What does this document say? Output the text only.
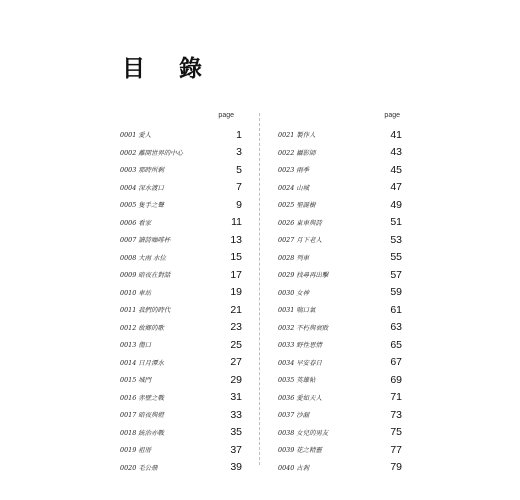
目 錄
page
0001 愛人	1
0002 離開世界的中心	3
0003 那時所剩	5
0004 深水渡口	7
0005 隻手之聲	9
0006 看家	11
0007 讀詩咖啡杯	13
0008 大雨 水位	15
0009 暗夜在對話	17
0010 車站	19
0011 我們的時代	21
0012 故鄉的歌	23
0013 傷口	25
0014 日月潭水	27
0015 城門	29
0016 赤壁之戰	31
0017 暗夜與燈	33
0018 統治亦戰	35
0019 祖厝	37
0020 毛公鼎	39
page
0021 製作人	41
0022 攝影師	43
0023 兩季	45
0024 山城	47
0025 聖誕樹	49
0026 東車與詩	51
0027 月下老人	53
0028 列車	55
0029 找尋再出擊	57
0030 女神	59
0031 喘口氣	61
0032 不朽與衰敗	63
0033 野性思情	65
0034 早安春日	67
0035 英雄帖	69
0036 愛如天人	71
0037 沙漏	73
0038 女兒的男友	75
0039 花之精靈	77
0040 古剎	79
